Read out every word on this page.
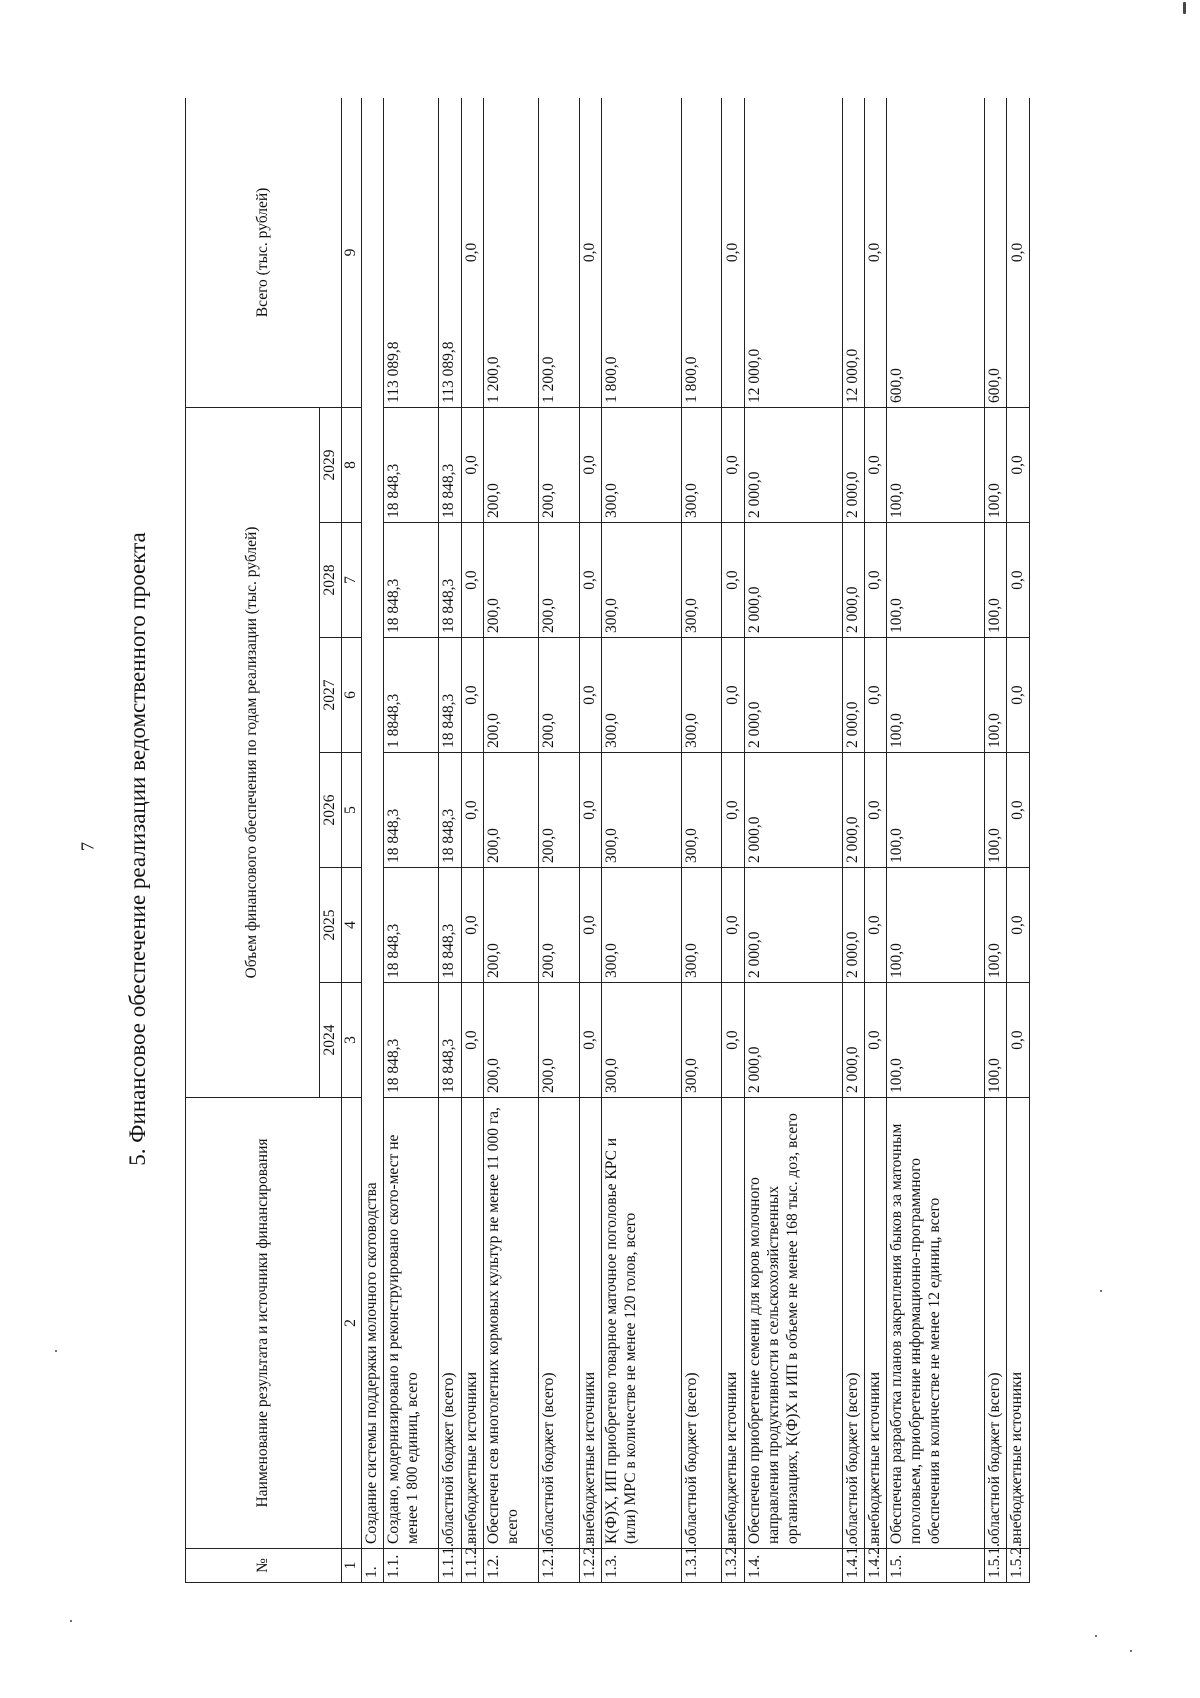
7 5. Финансовое обеспечение реализации ведомственного проекта
№	Наименование результата и источники финансирования	Объем финансового обеспечения по годам реализации (тыс. рублей)						Всего (тыс. рублей)
		2024	2025	2026	2027	2028	2029	
1	2	3	4	5	6	7	8	9
1.	Создание системы поддержки молочного скотоводства							
1.1.	Создано, модернизировано и реконструировано ското-мест не менее 1 800 единиц, всего	18 848,3	18 848,3	18 848,3	1 8848,3	18 848,3	18 848,3	113 089,8
1.1.1.	областной бюджет (всего)	18 848,3	18 848,3	18 848,3	18 848,3	18 848,3	18 848,3	113 089,8
1.1.2.	внебюджетные источники	0,0	0,0	0,0	0,0	0,0	0,0	0,0
1.2.	Обеспечен сев многолетних кормовых культур не менее 11 000 га, всего	200,0	200,0	200,0	200,0	200,0	200,0	1 200,0
1.2.1.	областной бюджет (всего)	200,0	200,0	200,0	200,0	200,0	200,0	1 200,0
1.2.2.	внебюджетные источники	0,0	0,0	0,0	0,0	0,0	0,0	0,0
1.3.	К(Ф)Х, ИП приобретено товарное маточное поголовье КРС и (или) МРС в количестве не менее 120 голов, всего	300,0	300,0	300,0	300,0	300,0	300,0	1 800,0
1.3.1.	областной бюджет (всего)	300,0	300,0	300,0	300,0	300,0	300,0	1 800,0
1.3.2.	внебюджетные источники	0,0	0,0	0,0	0,0	0,0	0,0	0,0
1.4.	Обеспечено приобретение семени для коров молочного направления продуктивности в сельскохозяйственных организациях, К(Ф)Х и ИП в объеме не менее 168 тыс. доз, всего	2 000,0	2 000,0	2 000,0	2 000,0	2 000,0	2 000,0	12 000,0
1.4.1.	областной бюджет (всего)	2 000,0	2 000,0	2 000,0	2 000,0	2 000,0	2 000,0	12 000,0
1.4.2.	внебюджетные источники	0,0	0,0	0,0	0,0	0,0	0,0	0,0
1.5.	Обеспечена разработка планов закрепления быков за маточным поголовьем, приобретение информационно-программного обеспечения в количестве не менее 12 единиц, всего	100,0	100,0	100,0	100,0	100,0	100,0	600,0
1.5.1.	областной бюджет (всего)	100,0	100,0	100,0	100,0	100,0	100,0	600,0
1.5.2.	внебюджетные источники	0,0	0,0	0,0	0,0	0,0	0,0	0,0
